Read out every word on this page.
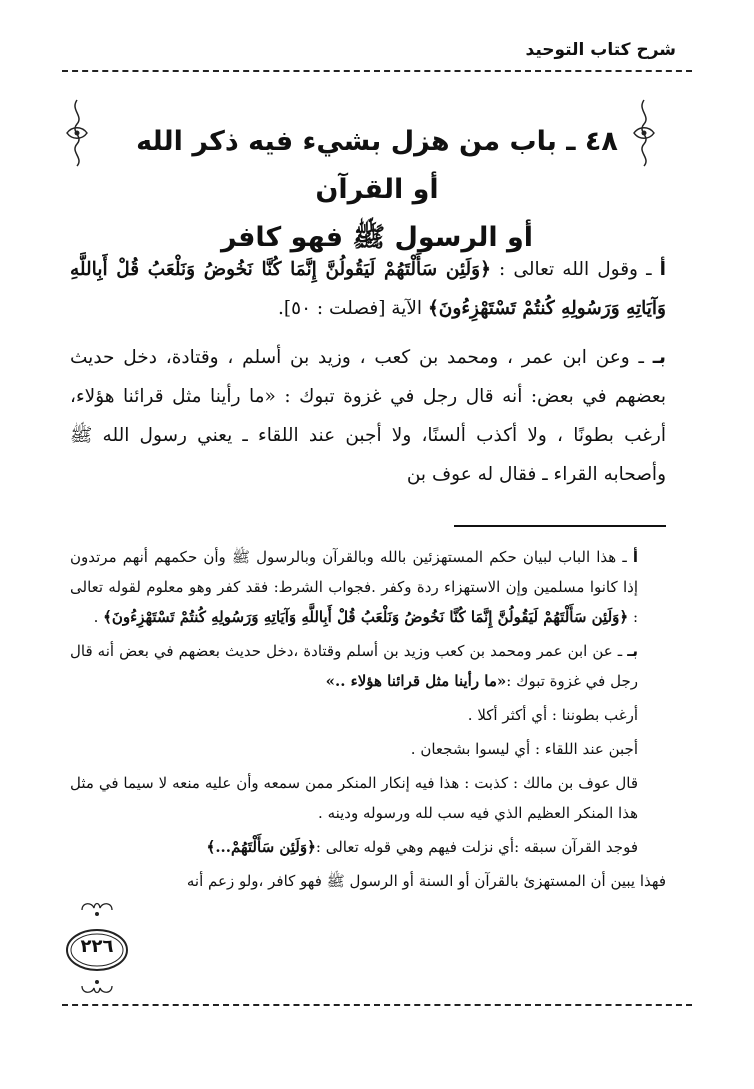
شرح كتاب التوحيد
٤٨ ـ باب من هزل بشيء فيه ذكر الله أو القرآن
أو الرسول ﷺ فهو كافر

أ ـ وقول الله تعالى : ﴿وَلَئِن سَأَلْتَهُمْ لَيَقُولُنَّ إِنَّمَا كُنَّا نَخُوضُ وَنَلْعَبُ قُلْ أَبِاللَّهِ وَآيَاتِهِ وَرَسُولِهِ كُنتُمْ تَسْتَهْزِءُونَ﴾ الآية [فصلت : ٥٠].

بـ ـ وعن ابن عمر ، ومحمد بن كعب ، وزيد بن أسلم ، وقتادة، دخل حديث بعضهم في بعض: أنه قال رجل في غزوة تبوك : «ما رأينا مثل قرائنا هؤلاء، أرغب بطونًا ، ولا أكذب ألسنًا، ولا أجبن عند اللقاء ـ يعني رسول الله ﷺ وأصحابه القراء ـ فقال له عوف بن

أ ـ هذا الباب لبيان حكم المستهزئين بالله وبالقرآن وبالرسول ﷺ وأن حكمهم أنهم مرتدون إذا كانوا مسلمين وإن الاستهزاء ردة وكفر .فجواب الشرط: فقد كفر وهو معلوم لقوله تعالى : ﴿وَلَئِن سَأَلْتَهُمْ لَيَقُولُنَّ إِنَّمَا كُنَّا نَخُوضُ وَنَلْعَبُ قُلْ أَبِاللَّهِ وَآيَاتِهِ وَرَسُولِهِ كُنتُمْ تَسْتَهْزِءُونَ﴾ .

بـ ـ عن ابن عمر ومحمد بن كعب وزيد بن أسلم وقتادة ،دخل حديث بعضهم في بعض أنه قال رجل في غزوة تبوك :«ما رأينا مثل قرائنا هؤلاء ..»

أرغب بطوننا : أي أكثر أكلا .

أجبن عند اللقاء : أي ليسوا بشجعان .

قال عوف بن مالك : كذبت : هذا فيه إنكار المنكر ممن سمعه وأن عليه منعه لا سيما في مثل هذا المنكر العظيم الذي فيه سب لله ورسوله ودينه .

فوجد القرآن سبقه :أي نزلت فيهم وهي قوله تعالى :﴿وَلَئِن سَأَلْتَهُمْ...﴾

فهذا يبين أن المستهزئ بالقرآن أو السنة أو الرسول ﷺ فهو كافر ،ولو زعم أنه

٢٢٦
